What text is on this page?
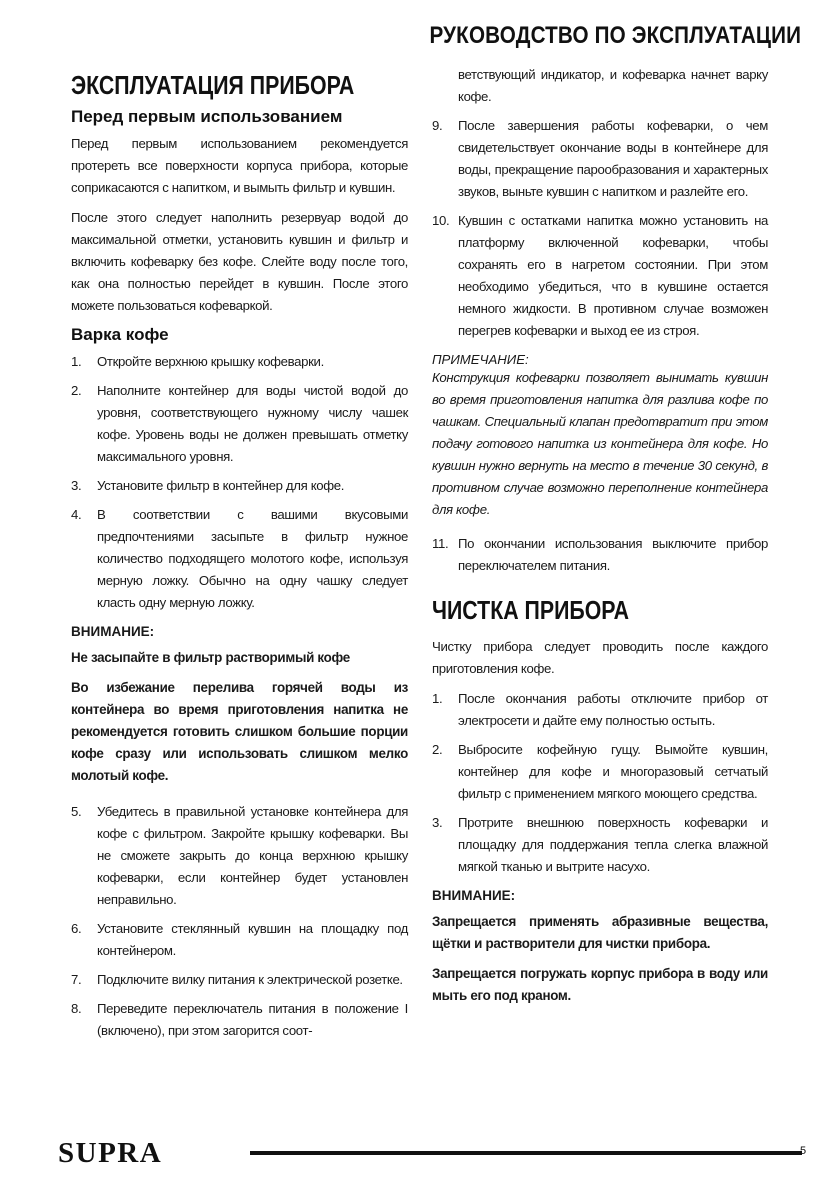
РУКОВОДСТВО ПО ЭКСПЛУАТАЦИИ
ЭКСПЛУАТАЦИЯ ПРИБОРА
Перед первым использованием

Перед первым использованием рекомендуется протереть все поверхности корпуса прибора, которые соприкасаются с напитком, и вымыть фильтр и кувшин.

После этого следует наполнить резервуар водой до максимальной отметки, установить кувшин и фильтр и включить кофеварку без кофе. Слейте воду после того, как она полностью перейдет в кувшин. После этого можете пользоваться кофеваркой.

Варка кофе
1. Откройте верхнюю крышку кофеварки.
2. Наполните контейнер для воды чистой водой до уровня, соответствующего нужному числу чашек кофе. Уровень воды не должен превышать отметку максимального уровня.
3. Установите фильтр в контейнер для кофе.
4. В соответствии с вашими вкусовыми предпочтениями засыпьте в фильтр нужное количество подходящего молотого кофе, используя мерную ложку. Обычно на одну чашку следует класть одну мерную ложку.
ВНИМАНИЕ:

Не засыпайте в фильтр растворимый кофе

Во избежание перелива горячей воды из контейнера во время приготовления напитка не рекомендуется готовить слишком большие порции кофе сразу или использовать слишком мелко молотый кофе.

5. Убедитесь в правильной установке контейнера для кофе с фильтром. Закройте крышку кофеварки. Вы не сможете закрыть до конца верхнюю крышку кофеварки, если контейнер будет установлен неправильно.
6. Установите стеклянный кувшин на площадку под контейнером.
7. Подключите вилку питания к электрической розетке.
8. Переведите переключатель питания в положение I (включено), при этом загорится соот-
ветствующий индикатор, и кофеварка начнет варку кофе.
9. После завершения работы кофеварки, о чем свидетельствует окончание воды в контейнере для воды, прекращение парообразования и характерных звуков, выньте кувшин с напитком и разлейте его.
10. Кувшин с остатками напитка можно установить на платформу включенной кофеварки, чтобы сохранять его в нагретом состоянии. При этом необходимо убедиться, что в кувшине остается немного жидкости. В противном случае возможен перегрев кофеварки и выход ее из строя.
ПРИМЕЧАНИЕ:

Конструкция кофеварки позволяет вынимать кувшин во время приготовления напитка для разлива кофе по чашкам. Специальный клапан предотвратит при этом подачу готового напитка из контейнера для кофе. Но кувшин нужно вернуть на место в течение 30 секунд, в противном случае возможно переполнение контейнера для кофе.

11. По окончании использования выключите прибор переключателем питания.
ЧИСТКА ПРИБОРА

Чистку прибора следует проводить после каждого приготовления кофе.

1. После окончания работы отключите прибор от электросети и дайте ему полностью остыть.
2. Выбросите кофейную гущу. Вымойте кувшин, контейнер для кофе и многоразовый сетчатый фильтр с применением мягкого моющего средства.
3. Протрите внешнюю поверхность кофеварки и площадку для поддержания тепла слегка влажной мягкой тканью и вытрите насухо.
ВНИМАНИЕ:

Запрещается применять абразивные вещества, щётки и растворители для чистки прибора.

Запрещается погружать корпус прибора в воду или мыть его под краном.

SUPRA	5
